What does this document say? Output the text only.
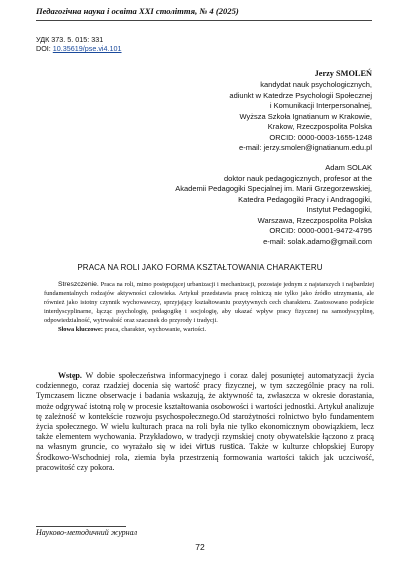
Педагогічна наука і освіта XXI століття, № 4 (2025)
УДК 373. 5. 015: 331
DOI: 10.35619/pse.vi4.101
Jerzy SMOLEŃ
kandydat nauk psychologicznych,
adiunkt w Katedrze Psychologii Społecznej
i Komunikacji Interpersonalnej,
Wyższa Szkoła Ignatianum w Krakowie,
Krakow, Rzeczpospolita Polska
ORCID: 0000-0003-1655-1248
e-mail: jerzy.smolen@ignatianum.edu.pl
Adam SOLAK
doktor nauk pedagogicznych, profesor at the
Akademii Pedagogiki Specjalnej im. Marii Grzegorzewskiej,
Katedra Pedagogiki Pracy i Andragogiki,
Instytut Pedagogiki,
Warszawa, Rzeczpospolita Polska
ORCID: 0000-0001-9472-4795
e-mail: solak.adamo@gmail.com
PRACA NA ROLI JAKO FORMA KSZTAŁTOWANIA CHARAKTERU

Streszczenie. Praca na roli, mimo postępującej urbanizacji i mechanizacji, pozostaje jednym z najstarszych i najbardziej fundamentalnych rodzajów aktywności człowieka. Artykuł przedstawia pracę rolniczą nie tylko jako źródło utrzymania, ale również jako istotny czynnik wychowawczy, sprzyjający kształtowaniu pozytywnych cech charakteru. Zastosowano podejście interdyscyplinarne, łącząc psychologię, pedagogikę i socjologię, aby ukazać wpływ pracy fizycznej na samodyscyplinę, odpowiedzialność, wytrwałość oraz szacunek do przyrody i tradycji.

Słowa kluczowe: praca, charakter, wychowanie, wartości.

Wstęp. W dobie społeczeństwa informacyjnego i coraz dalej posuniętej automatyzacji życia codziennego, coraz rzadziej docenia się wartość pracy fizycznej, w tym szczególnie pracy na roli. Tymczasem liczne obserwacje i badania wskazują, że aktywność ta, zwłaszcza w okresie dorastania, może odgrywać istotną rolę w procesie kształtowania osobowości i wartości jednostki. Artykuł analizuje tę zależność w kontekście rozwoju psychospołecznego.Od starożytności rolnictwo było fundamentem życia społecznego. W wielu kulturach praca na roli była nie tylko ekonomicznym obowiązkiem, lecz także elementem wychowania. Przykładowo, w tradycji rzymskiej cnoty obywatelskie łączono z pracą na własnym gruncie, co wyrażało się w idei virtus rustica. Także w kulturze chłopskiej Europy Środkowo-Wschodniej rola, ziemia była przestrzenią formowania wartości takich jak uczciwość, pracowitość czy pokora.

Науково-методичний журнал
72
